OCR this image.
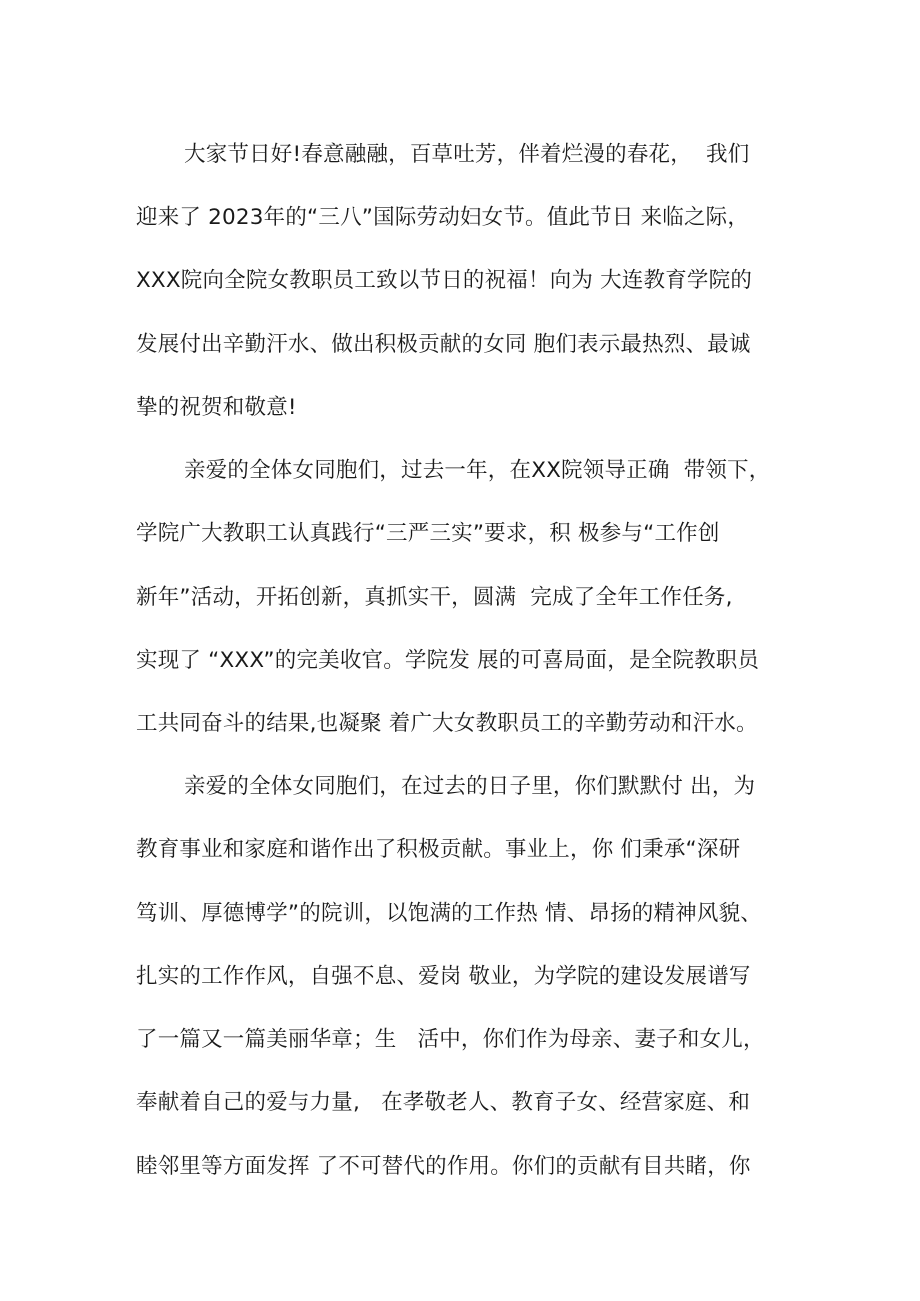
大家节日好!春意融融，百草吐芳，伴着烂漫的春花，  我们
迎来了 2023年的“三八”国际劳动妇女节。值此节日 来临之际，
XXX院向全院女教职员工致以节日的祝福！向为 大连教育学院的
发展付出辛勤汗水、做出积极贡献的女同 胞们表示最热烈、最诚
挚的祝贺和敬意!
亲爱的全体女同胞们，过去一年，在XX院领导正确  带领下，
学院广大教职工认真践行“三严三实”要求，积 极参与“工作创
新年”活动，开拓创新，真抓实干，圆满  完成了全年工作任务,
实现了 “XXX”的完美收官。学院发 展的可喜局面，是全院教职员
工共同奋斗的结果,也凝聚 着广大女教职员工的辛勤劳动和汗水。
亲爱的全体女同胞们，在过去的日子里，你们默默付 出，为
教育事业和家庭和谐作出了积极贡献。事业上，你 们秉承“深研
笃训、厚德博学”的院训，以饱满的工作热 情、昂扬的精神风貌、
扎实的工作作风，自强不息、爱岗 敬业，为学院的建设发展谱写
了一篇又一篇美丽华章；生   活中，你们作为母亲、妻子和女儿，
奉献着自己的爱与力量,   在孝敬老人、教育子女、经营家庭、和
睦邻里等方面发挥 了不可替代的作用。你们的贡献有目共睹，你
